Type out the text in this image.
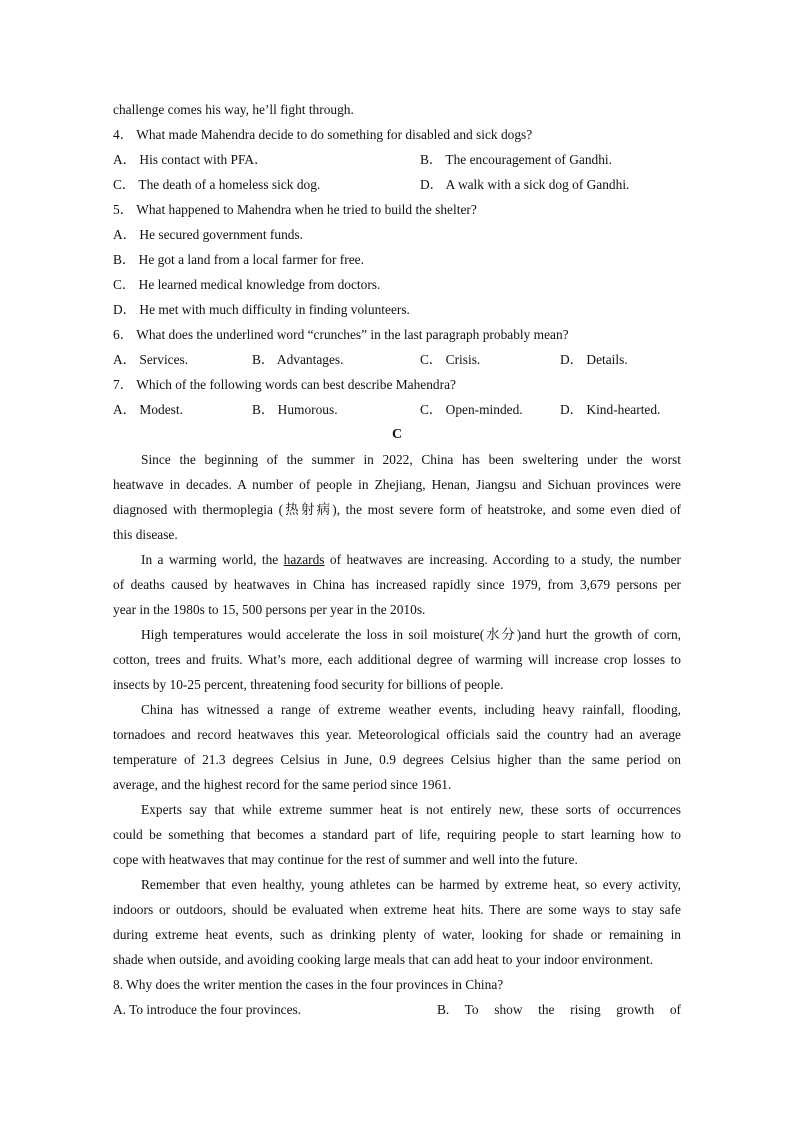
challenge comes his way, he’ll fight through.
4． What made Mahendra decide to do something for disabled and sick dogs?
A． His contact with PFA．	B． The encouragement of Gandhi.
C． The death of a homeless sick dog.	D． A walk with a sick dog of Gandhi.
5． What happened to Mahendra when he tried to build the shelter?
A． He secured government funds.
B． He got a land from a local farmer for free.
C． He learned medical knowledge from doctors.
D． He met with much difficulty in finding volunteers.
6． What does the underlined word “crunches” in the last paragraph probably mean?
A． Services.	B． Advantages.	C． Crisis.	D． Details.
7． Which of the following words can best describe Mahendra?
A． Modest.	B． Humorous.	C． Open-minded.	D． Kind-hearted.
C
Since the beginning of the summer in 2022, China has been sweltering under the worst
heatwave in decades. A number of people in Zhejiang, Henan, Jiangsu and Sichuan provinces were
diagnosed with thermoplegia (热射病), the most severe form of heatstroke, and some even died of
this disease.
In a warming world, the hazards of heatwaves are increasing. According to a study, the number
of deaths caused by heatwaves in China has increased rapidly since 1979, from 3,679 persons per
year in the 1980s to 15, 500 persons per year in the 2010s.
High temperatures would accelerate the loss in soil moisture(水分)and hurt the growth of corn,
cotton, trees and fruits. What’s more, each additional degree of warming will increase crop losses to
insects by 10-25 percent, threatening food security for billions of people.
China has witnessed a range of extreme weather events, including heavy rainfall, flooding,
tornadoes and record heatwaves this year. Meteorological officials said the country had an average
temperature of 21.3 degrees Celsius in June, 0.9 degrees Celsius higher than the same period on
average, and the highest record for the same period since 1961.
Experts say that while extreme summer heat is not entirely new, these sorts of occurrences
could be something that becomes a standard part of life, requiring people to start learning how to
cope with heatwaves that may continue for the rest of summer and well into the future.
Remember that even healthy, young athletes can be harmed by extreme heat, so every activity,
indoors or outdoors, should be evaluated when extreme heat hits. There are some ways to stay safe
during extreme heat events, such as drinking plenty of water, looking for shade or remaining in
shade when outside, and avoiding cooking large meals that can add heat to your indoor environment.
8. Why does the writer mention the cases in the four provinces in China?
A. To introduce the four provinces.	B. To show the rising growth of
